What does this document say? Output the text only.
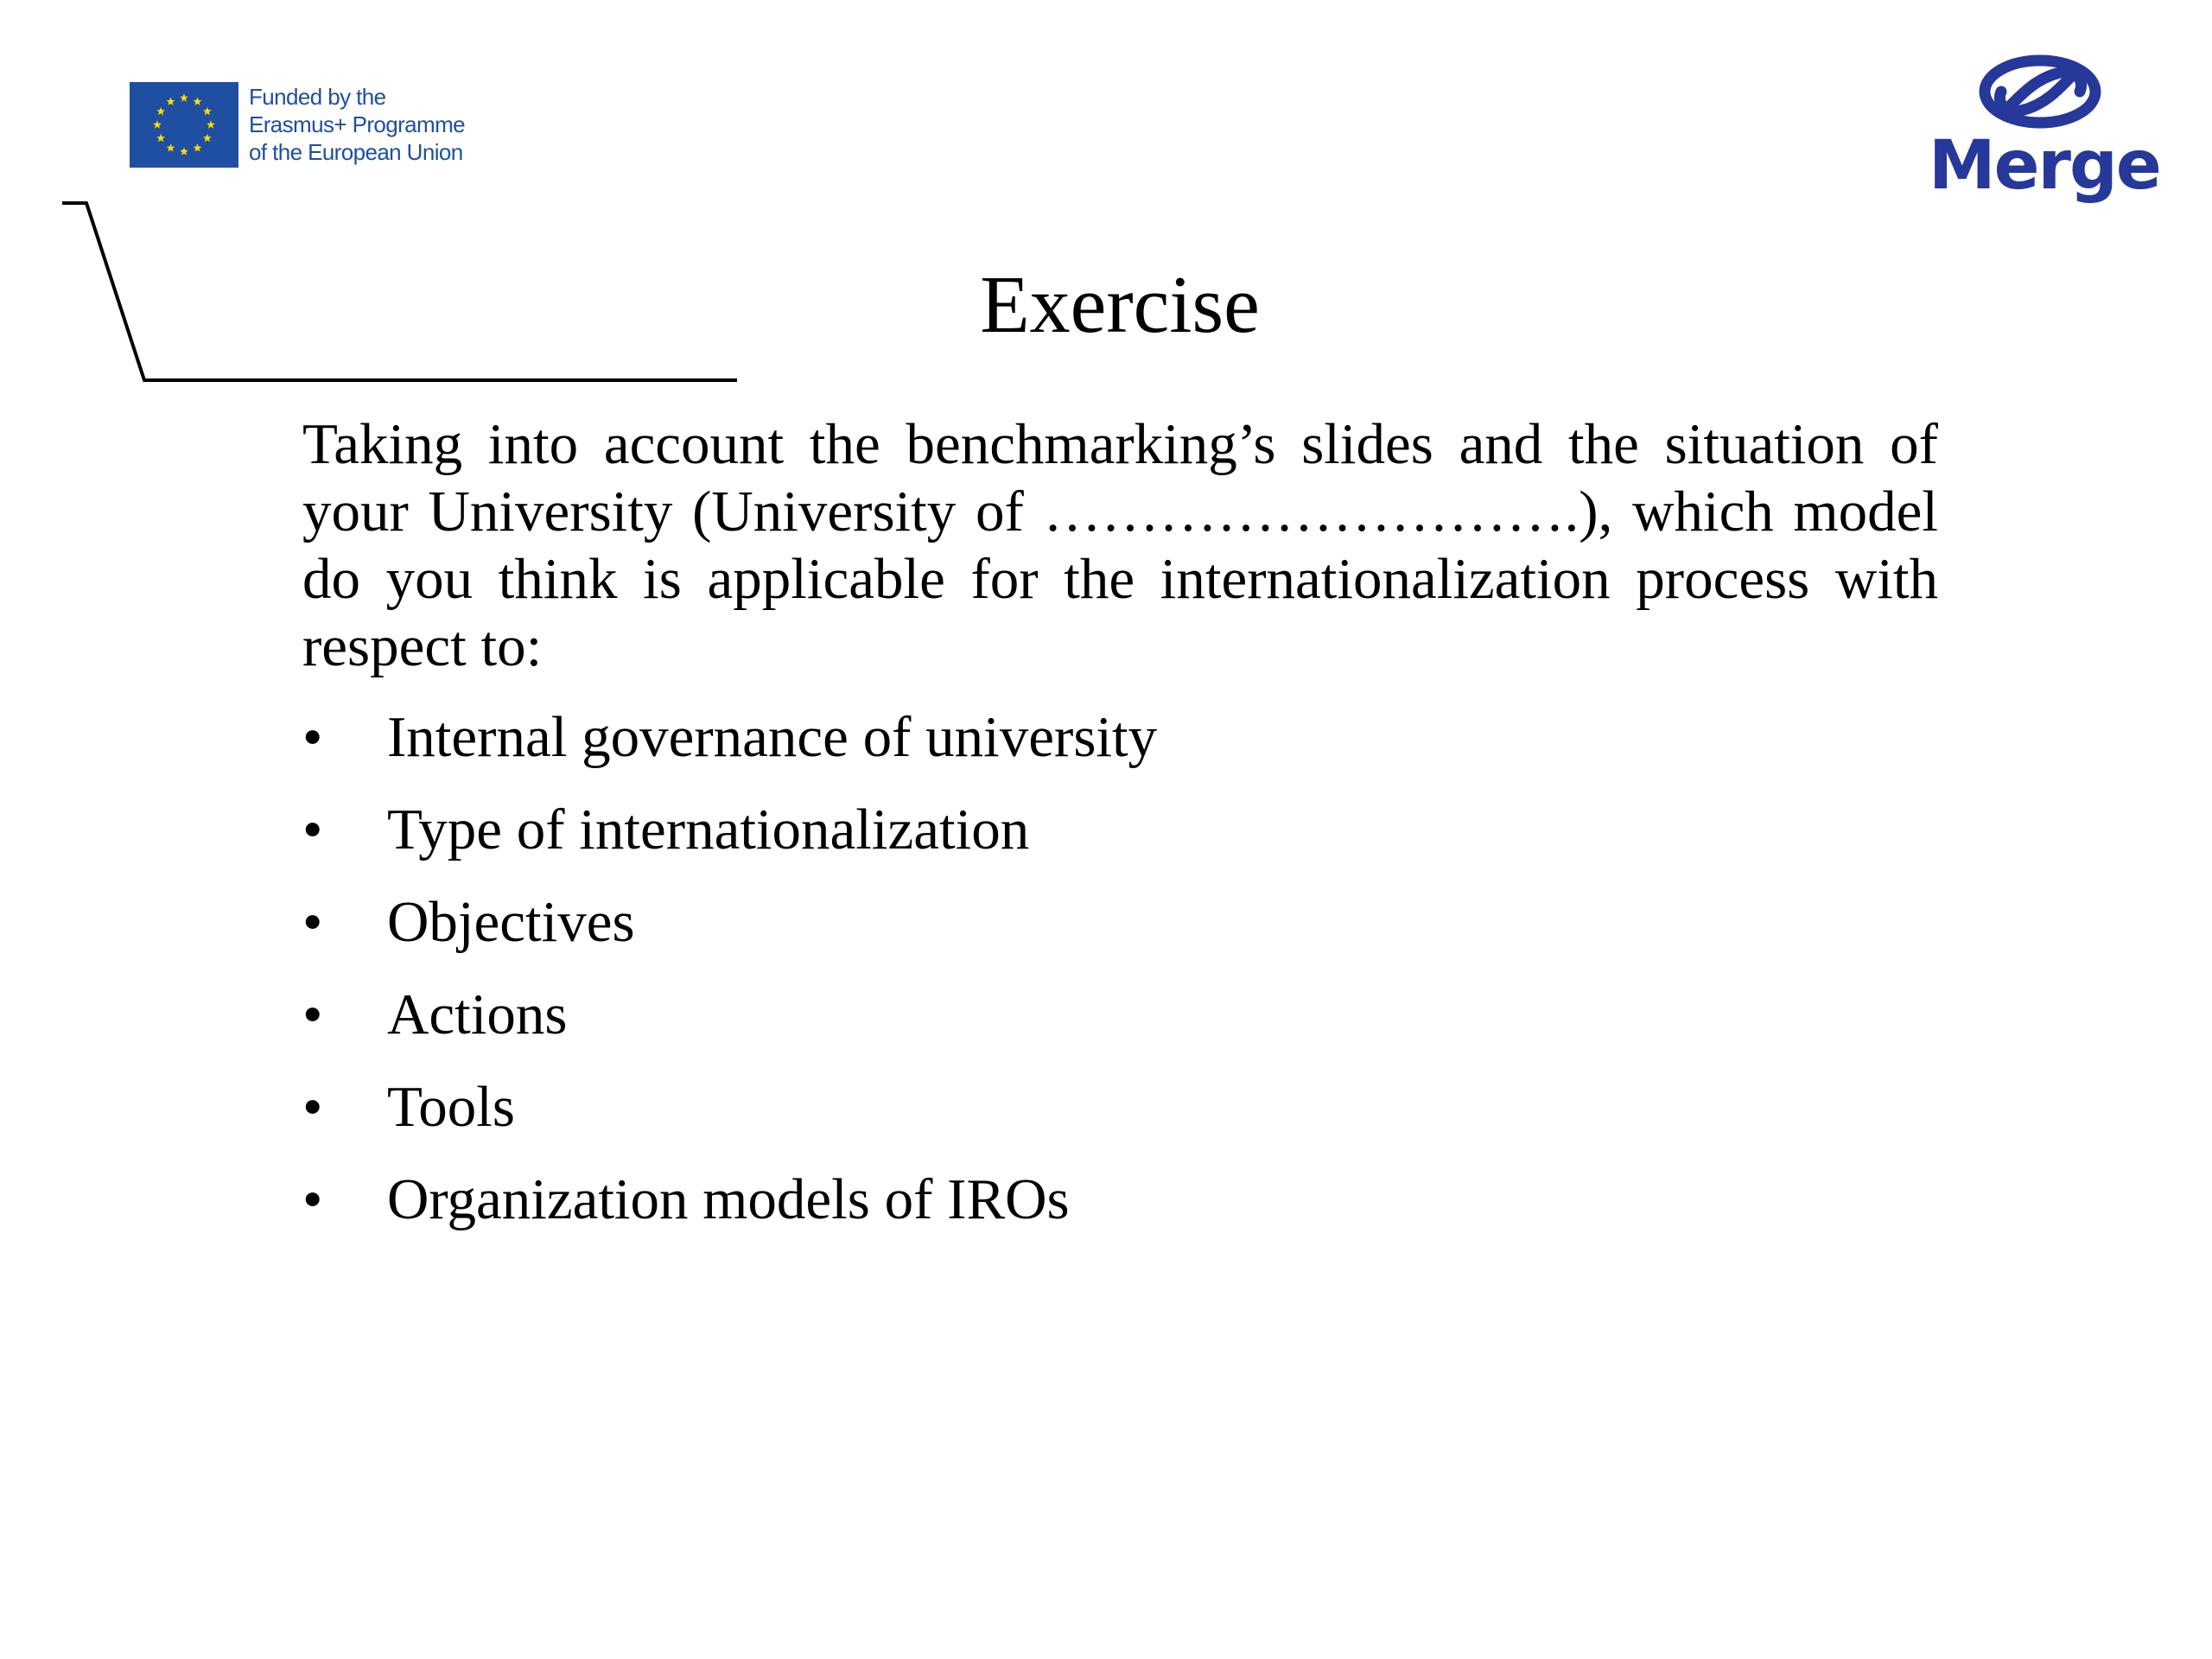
Funded by the
Erasmus+ Programme
of the European Union	Merge
Exercise

Taking into account the benchmarking’s slides and the situation of your University (University of ……………………….), which model do you think is applicable for the internationalization process with respect to:

•	Internal governance of university
•	Type of internationalization
•	Objectives
•	Actions
•	Tools
•	Organization models of IROs
